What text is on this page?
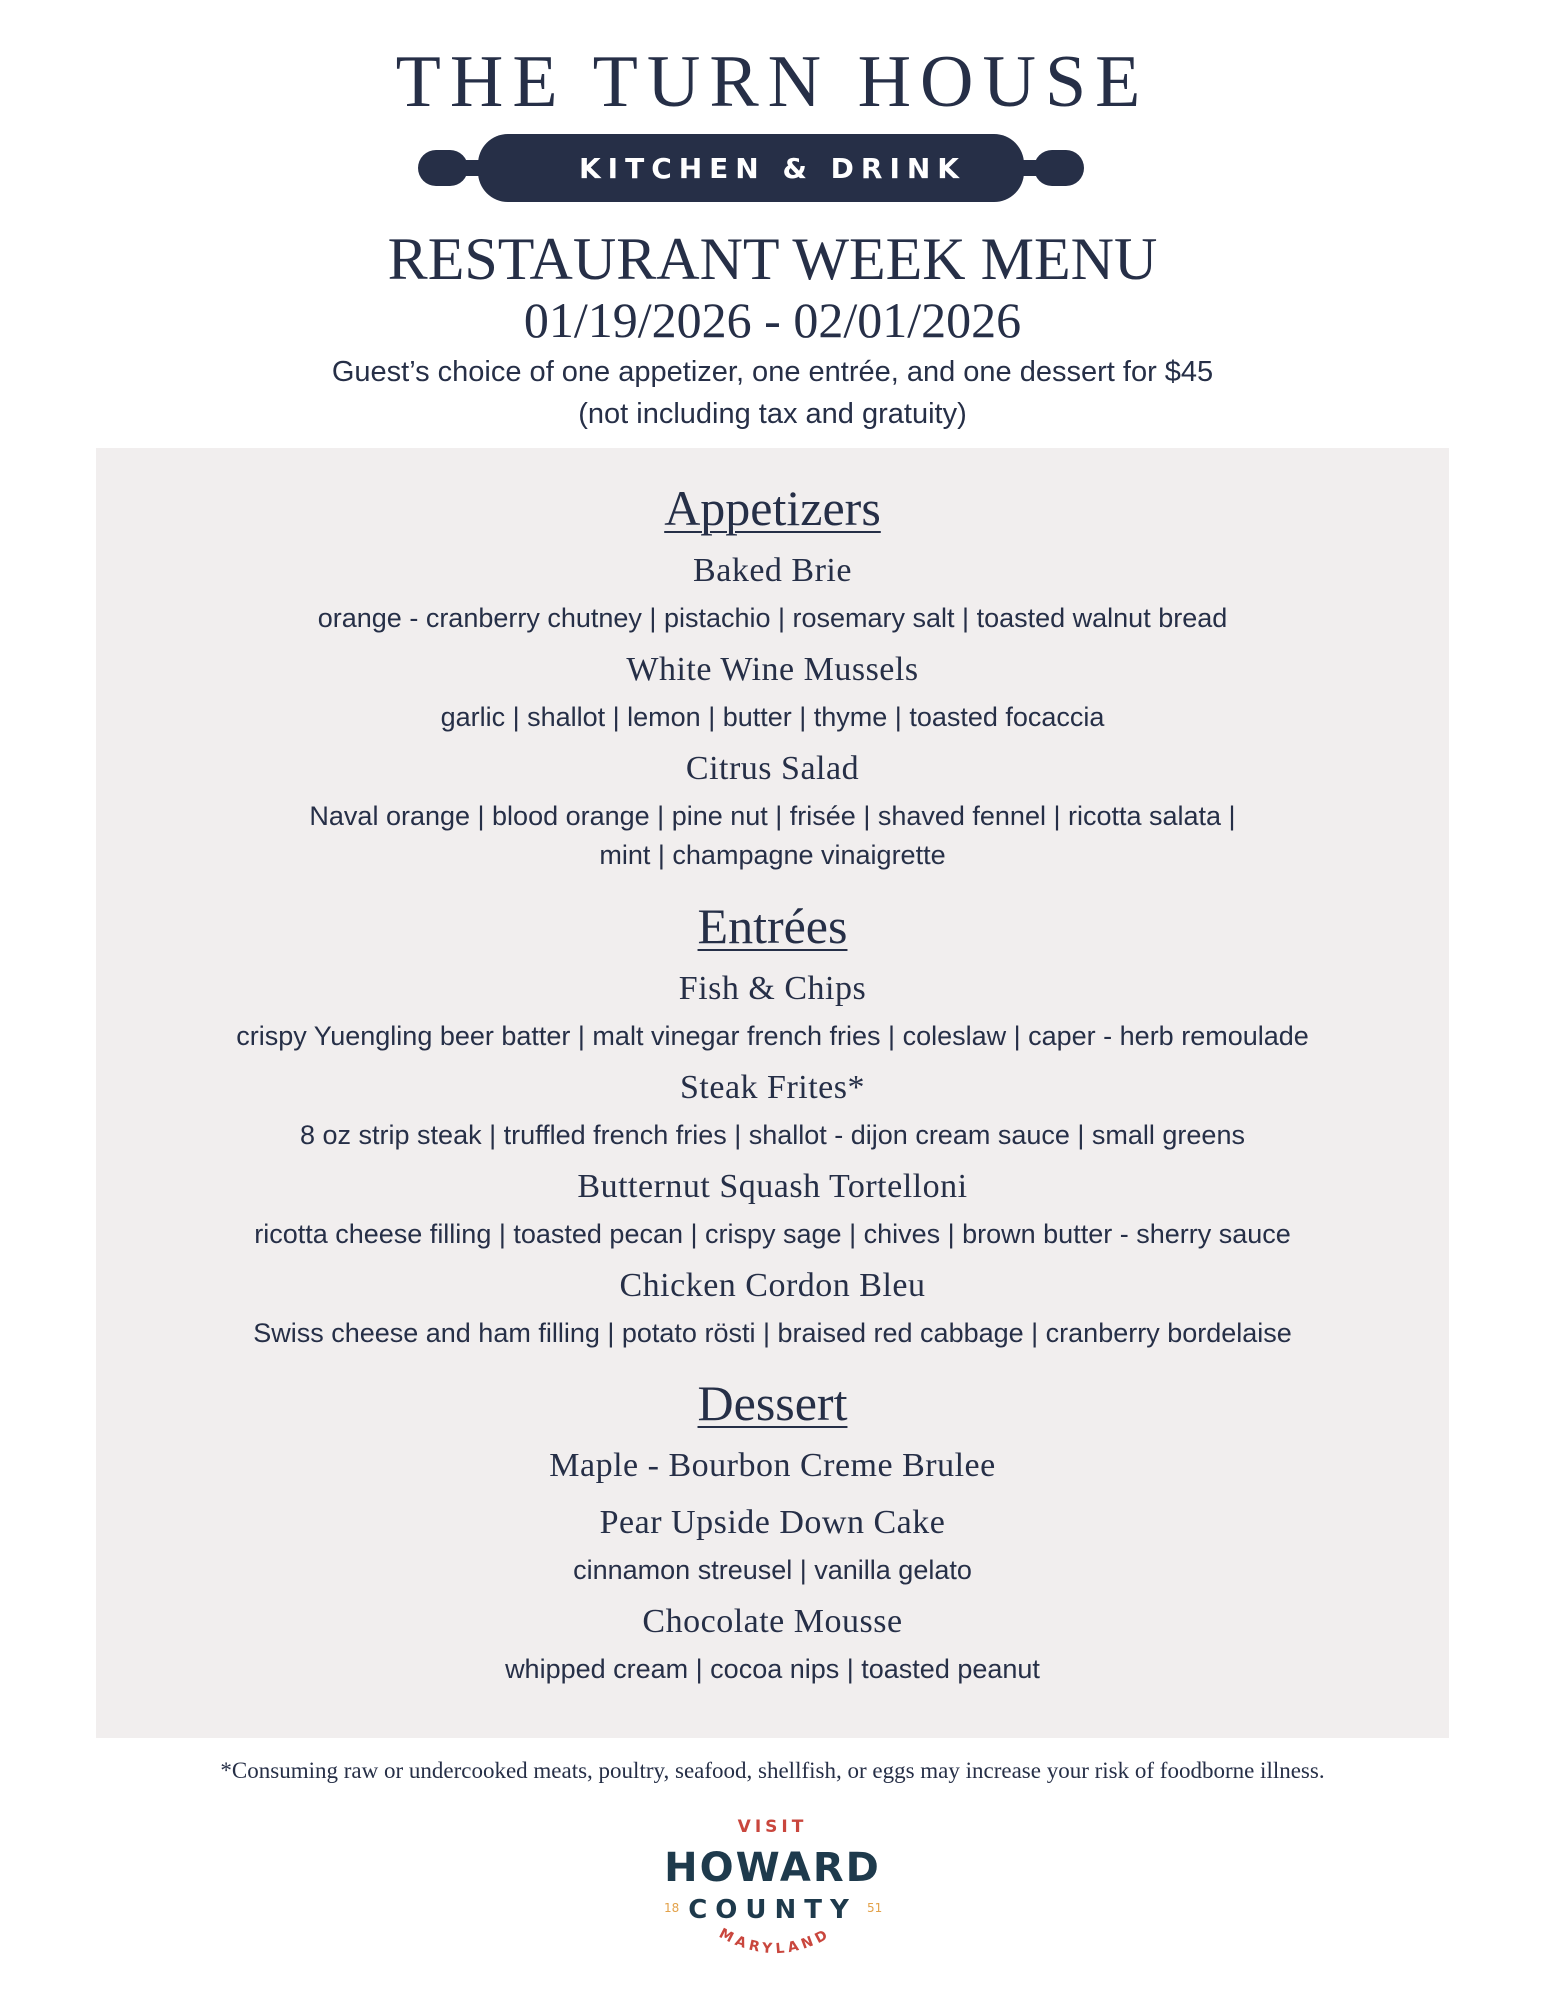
THE TURN HOUSE
KITCHEN & DRINK
RESTAURANT WEEK MENU
01/19/2026 - 02/01/2026
Guest’s choice of one appetizer, one entrée, and one dessert for $45
(not including tax and gratuity)
Appetizers
Baked Brie
orange - cranberry chutney | pistachio | rosemary salt | toasted walnut bread
White Wine Mussels
garlic | shallot | lemon | butter | thyme | toasted focaccia
Citrus Salad
Naval orange | blood orange | pine nut | frisée | shaved fennel | ricotta salata |
mint | champagne vinaigrette
Entrées
Fish & Chips
crispy Yuengling beer batter | malt vinegar french fries | coleslaw | caper - herb remoulade
Steak Frites*
8 oz strip steak | truffled french fries | shallot - dijon cream sauce | small greens
Butternut Squash Tortelloni
ricotta cheese filling | toasted pecan | crispy sage | chives | brown butter - sherry sauce
Chicken Cordon Bleu
Swiss cheese and ham filling | potato rösti | braised red cabbage | cranberry bordelaise
Dessert
Maple - Bourbon Creme Brulee
Pear Upside Down Cake
cinnamon streusel | vanilla gelato
Chocolate Mousse
whipped cream | cocoa nips | toasted peanut
*Consuming raw or undercooked meats, poultry, seafood, shellfish, or eggs may increase your risk of foodborne illness.
VISIT
HOWARD
COUNTY
18	51
MARYLAND
